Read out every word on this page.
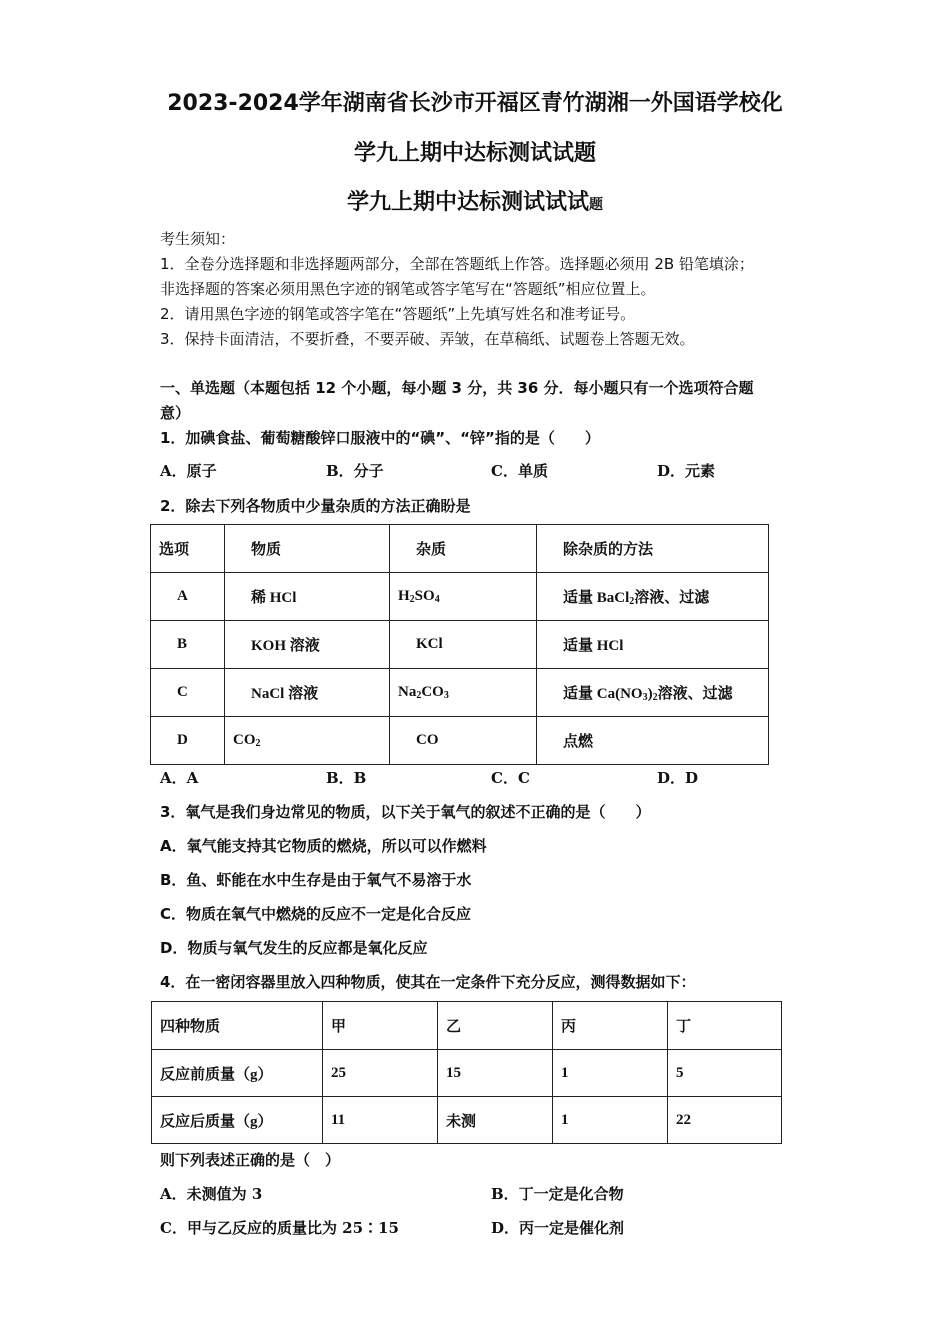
2023-2024学年湖南省长沙市开福区青竹湖湘一外国语学校化
学九上期中达标测试试题
学九上期中达标测试试试题
考生须知：
1．全卷分选择题和非选择题两部分，全部在答题纸上作答。选择题必须用 2B 铅笔填涂；
非选择题的答案必须用黑色字迹的钢笔或答字笔写在“答题纸”相应位置上。
2．请用黑色字迹的钢笔或答字笔在“答题纸”上先填写姓名和准考证号。
3．保持卡面清洁，不要折叠，不要弄破、弄皱，在草稿纸、试题卷上答题无效。
一、单选题（本题包括 12 个小题，每小题 3 分，共 36 分．每小题只有一个选项符合题
意）
1．加碘食盐、葡萄糖酸锌口服液中的“碘”、“锌”指的是（　　）
A．原子	B．分子	C．单质	D．元素
2．除去下列各物质中少量杂质的方法正确盼是
选项	物质	杂质	除杂质的方法
A	稀 HCl	$H_2SO_4$	适量 BaCl$_2$溶液、过滤
B	KOH 溶液	KCl	适量 HCl
C	NaCl 溶液	$Na_2CO_3$	适量 $Ca(NO_3)_2$溶液、过滤
D	$CO_2$	CO	点燃
A．A	B．B	C．C	D．D
3．氧气是我们身边常见的物质，以下关于氧气的叙述不正确的是（　　）
A．氧气能支持其它物质的燃烧，所以可以作燃料
B．鱼、虾能在水中生存是由于氧气不易溶于水
C．物质在氧气中燃烧的反应不一定是化合反应
D．物质与氧气发生的反应都是氧化反应
4．在一密闭容器里放入四种物质，使其在一定条件下充分反应，测得数据如下：
四种物质	甲	乙	丙	丁
反应前质量（g）	25	15	1	5
反应后质量（g）	11	未测	1	22
则下列表述正确的是（　）
A．未测值为 3	B．丁一定是化合物
C．甲与乙反应的质量比为 25∶15	D．丙一定是催化剂
